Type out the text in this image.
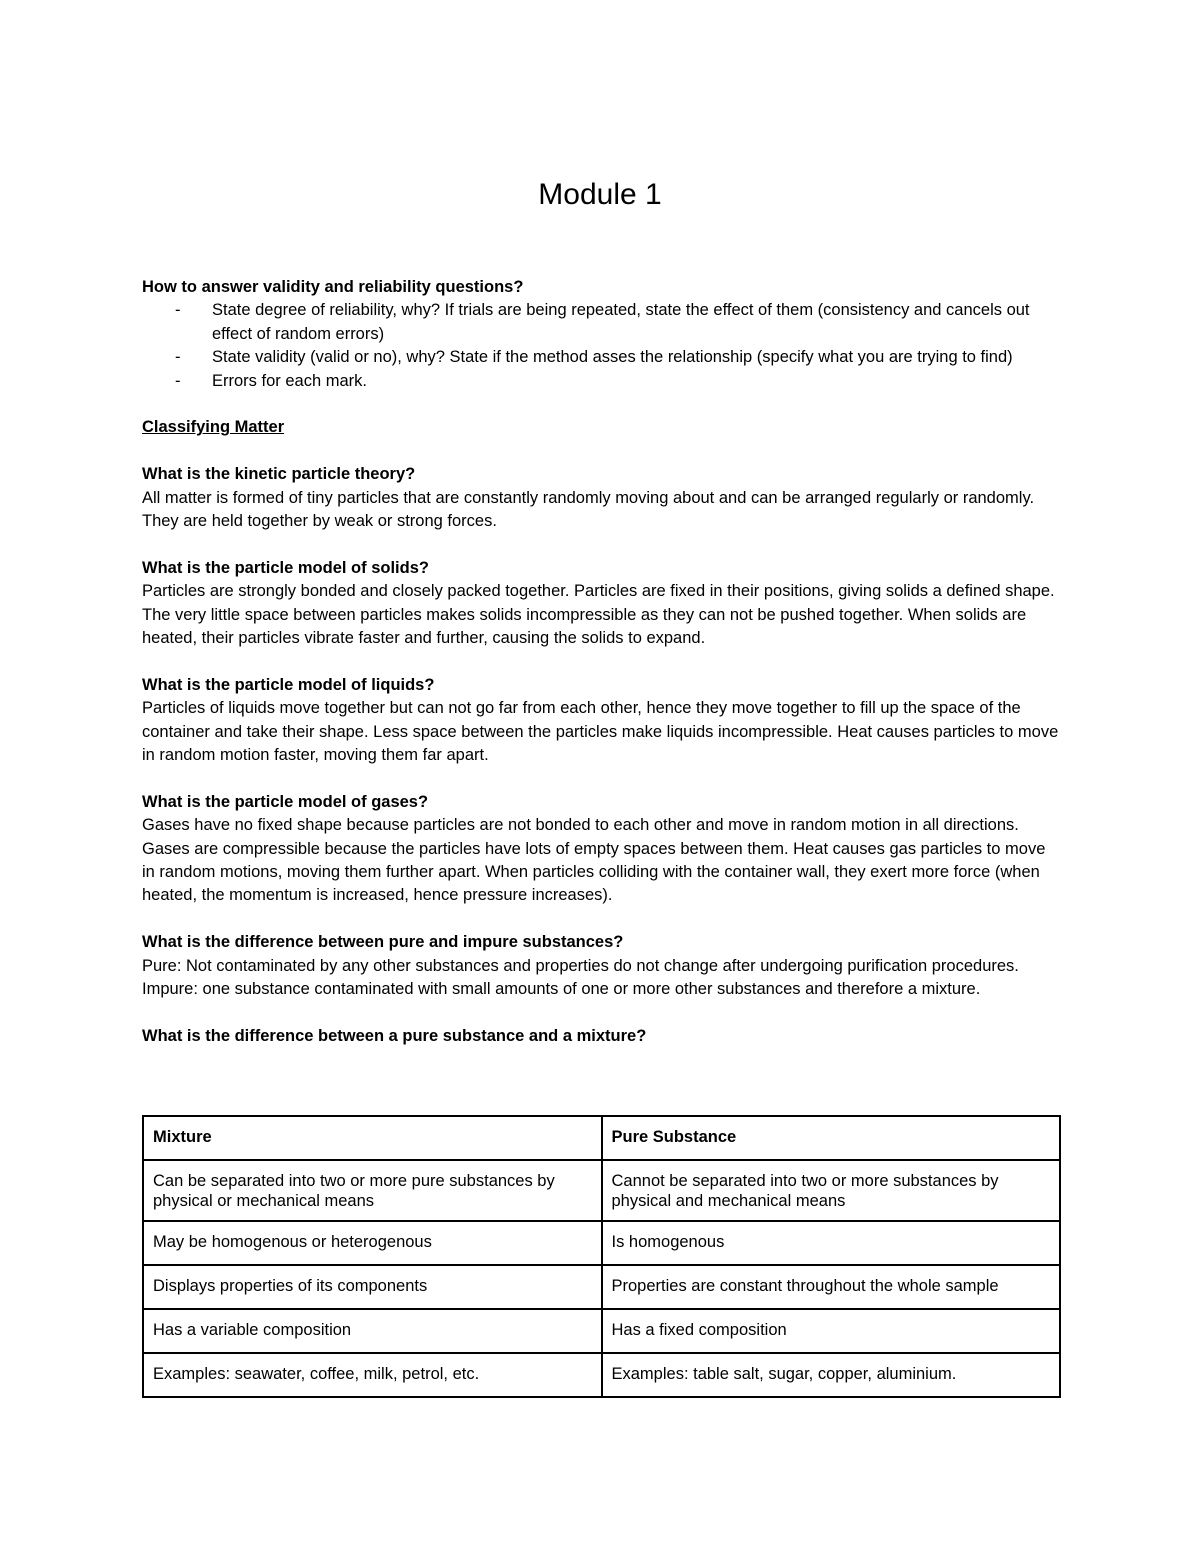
Module 1

How to answer validity and reliability questions?

- State degree of reliability, why? If trials are being repeated, state the effect of them (consistency and cancels out effect of random errors)
- State validity (valid or no), why? State if the method asses the relationship (specify what you are trying to find)
- Errors for each mark.

Classifying Matter

What is the kinetic particle theory?

All matter is formed of tiny particles that are constantly randomly moving about and can be arranged regularly or randomly. They are held together by weak or strong forces.

What is the particle model of solids?

Particles are strongly bonded and closely packed together. Particles are fixed in their positions, giving solids a defined shape. The very little space between particles makes solids incompressible as they can not be pushed together. When solids are heated, their particles vibrate faster and further, causing the solids to expand.

What is the particle model of liquids?

Particles of liquids move together but can not go far from each other, hence they move together to fill up the space of the container and take their shape. Less space between the particles make liquids incompressible. Heat causes particles to move in random motion faster, moving them far apart.

What is the particle model of gases?

Gases have no fixed shape because particles are not bonded to each other and move in random motion in all directions. Gases are compressible because the particles have lots of empty spaces between them. Heat causes gas particles to move in random motions, moving them further apart. When particles colliding with the container wall, they exert more force (when heated, the momentum is increased, hence pressure increases).

What is the difference between pure and impure substances?

Pure: Not contaminated by any other substances and properties do not change after undergoing purification procedures. Impure: one substance contaminated with small amounts of one or more other substances and therefore a mixture.

What is the difference between a pure substance and a mixture?

Mixture	Pure Substance
Can be separated into two or more pure substances by physical or mechanical means	Cannot be separated into two or more substances by physical and mechanical means
May be homogenous or heterogenous	Is homogenous
Displays properties of its components	Properties are constant throughout the whole sample
Has a variable composition	Has a fixed composition
Examples: seawater, coffee, milk, petrol, etc.	Examples: table salt, sugar, copper, aluminium.
